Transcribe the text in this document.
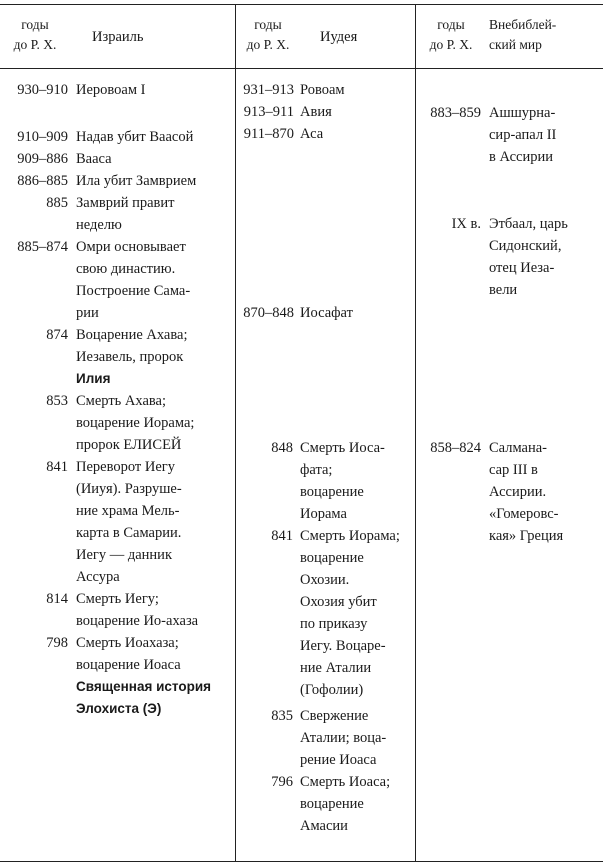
годы
до Р. Х.	Израиль
годы
до Р. Х.	Иудея
годы
до Р. Х.
Внебиблей-
ский мир
930–910 Иеровоам I
910–909 Надав убит Ваасой
909–886 Вааса
886–885 Ила убит Замврием
885 Замврий правит
неделю
885–874 Омри основывает
свою династию.
Построение Сама-
рии
874 Воцарение Ахава;
Иезавель, пророк
Илия
853 Смерть Ахава;
воцарение Иорама;
пророк ЕЛИСЕЙ
841 Переворот Иегу
(Ииуя). Разруше-
ние храма Мель-
карта в Самарии.
Иегу — данник
Ассура
814 Смерть Иегу;
воцарение Ио-ахаза
798 Смерть Иоахаза;
воцарение Иоаса
Священная история
Элохиста (Э)
931–913 Ровоам
913–911 Авия
911–870 Аса
870–848 Иосафат
848 Смерть Иоса-
фата;
воцарение
Иорама
841 Смерть Иорама;
воцарение
Охозии.
Охозия убит
по приказу
Иегу. Воцаре-
ние Аталии
(Гофолии)
835 Свержение
Аталии; воца-
рение Иоаса
796 Смерть Иоаса;
воцарение
Амасии
883–859 Ашшурна-
сир-апал II
в Ассирии
IX в. Этбаал, царь
Сидонский,
отец Иеза-
вели
858–824 Салмана-
сар III в
Ассирии.
«Гомеровс-
кая» Греция
